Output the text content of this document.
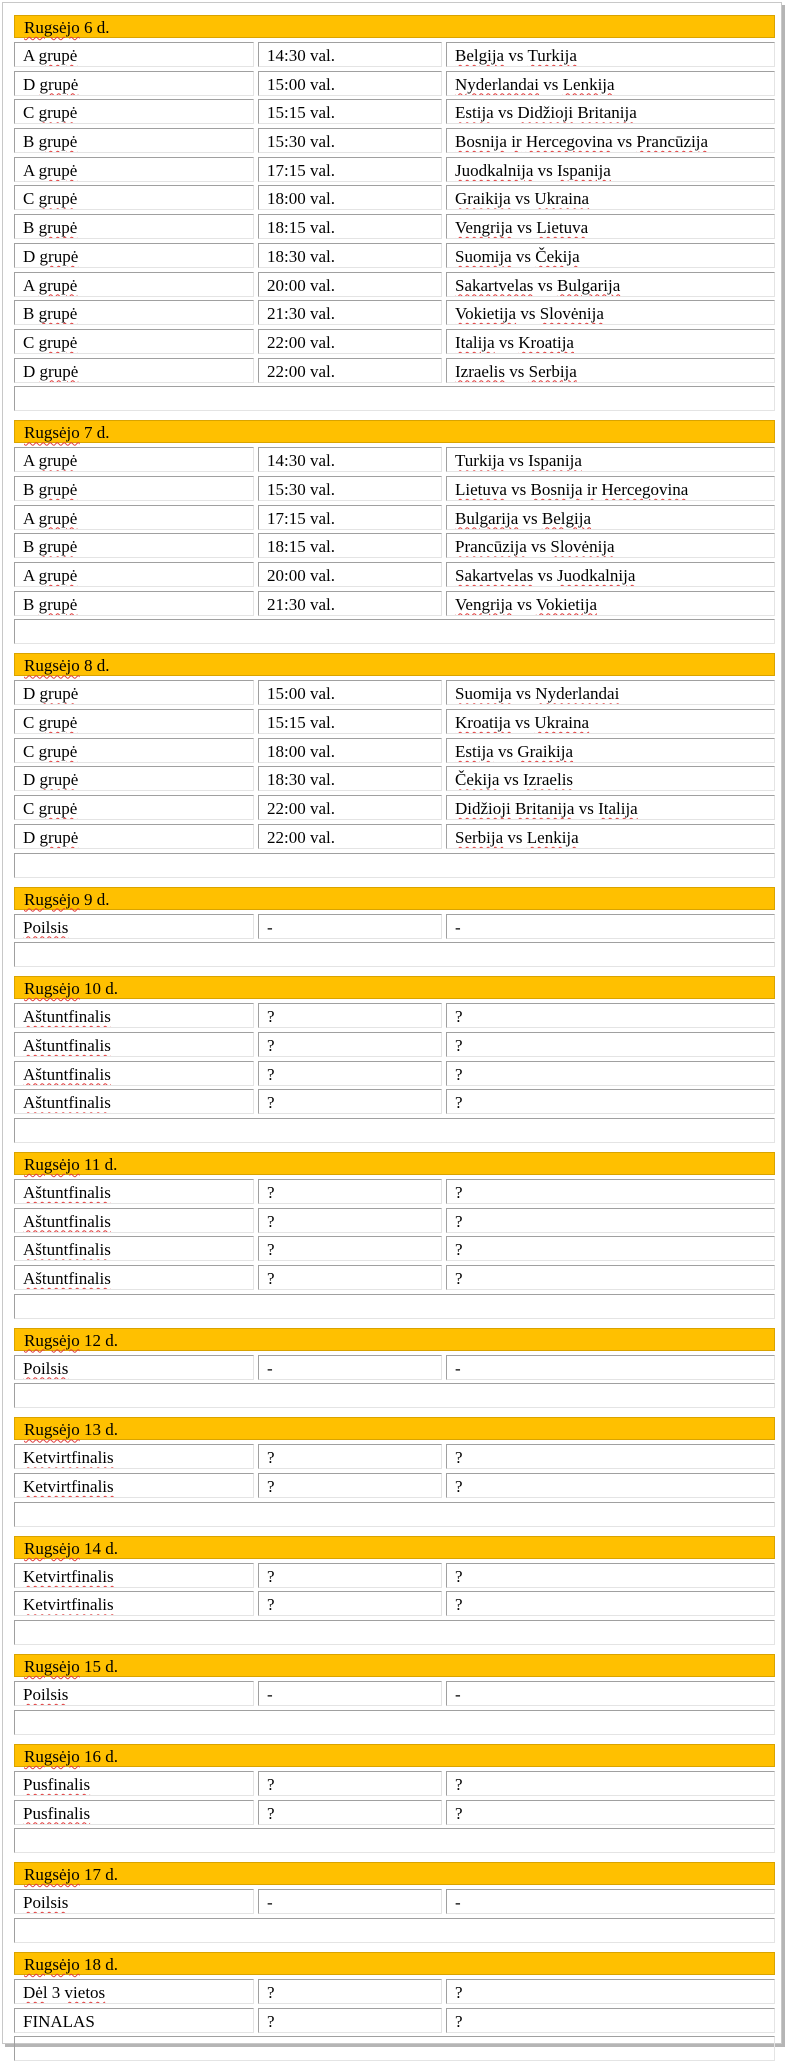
Rugsėjo 6 d.
A grupė	14:30 val.	Belgija vs Turkija
D grupė	15:00 val.	Nyderlandai vs Lenkija
C grupė	15:15 val.	Estija vs Didžioji Britanija
B grupė	15:30 val.	Bosnija ir Hercegovina vs Prancūzija
A grupė	17:15 val.	Juodkalnija vs Ispanija
C grupė	18:00 val.	Graikija vs Ukraina
B grupė	18:15 val.	Vengrija vs Lietuva
D grupė	18:30 val.	Suomija vs Čekija
A grupė	20:00 val.	Sakartvelas vs Bulgarija
B grupė	21:30 val.	Vokietija vs Slovėnija
C grupė	22:00 val.	Italija vs Kroatija
D grupė	22:00 val.	Izraelis vs Serbija
Rugsėjo 7 d.
A grupė	14:30 val.	Turkija vs Ispanija
B grupė	15:30 val.	Lietuva vs Bosnija ir Hercegovina
A grupė	17:15 val.	Bulgarija vs Belgija
B grupė	18:15 val.	Prancūzija vs Slovėnija
A grupė	20:00 val.	Sakartvelas vs Juodkalnija
B grupė	21:30 val.	Vengrija vs Vokietija
Rugsėjo 8 d.
D grupė	15:00 val.	Suomija vs Nyderlandai
C grupė	15:15 val.	Kroatija vs Ukraina
C grupė	18:00 val.	Estija vs Graikija
D grupė	18:30 val.	Čekija vs Izraelis
C grupė	22:00 val.	Didžioji Britanija vs Italija
D grupė	22:00 val.	Serbija vs Lenkija
Rugsėjo 9 d.
Poilsis	-	-
Rugsėjo 10 d.
Aštuntfinalis	?	?
Aštuntfinalis	?	?
Aštuntfinalis	?	?
Aštuntfinalis	?	?
Rugsėjo 11 d.
Aštuntfinalis	?	?
Aštuntfinalis	?	?
Aštuntfinalis	?	?
Aštuntfinalis	?	?
Rugsėjo 12 d.
Poilsis	-	-
Rugsėjo 13 d.
Ketvirtfinalis	?	?
Ketvirtfinalis	?	?
Rugsėjo 14 d.
Ketvirtfinalis	?	?
Ketvirtfinalis	?	?
Rugsėjo 15 d.
Poilsis	-	-
Rugsėjo 16 d.
Pusfinalis	?	?
Pusfinalis	?	?
Rugsėjo 17 d.
Poilsis	-	-
Rugsėjo 18 d.
Dėl 3 vietos	?	?
FINALAS	?	?
